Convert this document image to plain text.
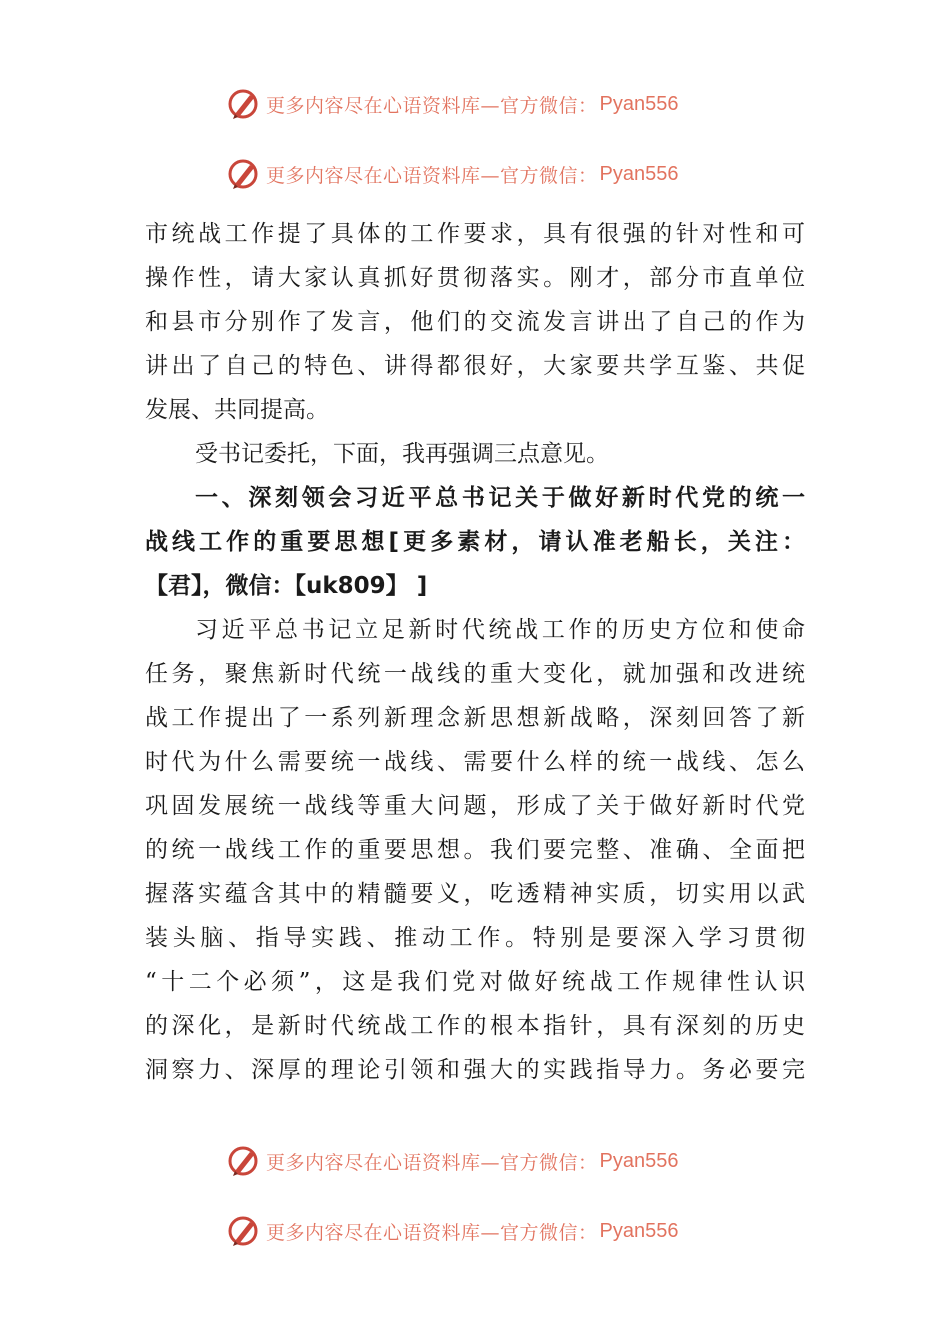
更多内容尽在心语资料库—官方微信： Pyan556
更多内容尽在心语资料库—官方微信： Pyan556
市统战工作提了具体的工作要求，具有很强的针对性和可
操作性，请大家认真抓好贯彻落实。刚才，部分市直单位
和县市分别作了发言，他们的交流发言讲出了自己的作为
讲出了自己的特色、讲得都很好，大家要共学互鉴、共促
发展、共同提高。
受书记委托，下面，我再强调三点意见。
一、深刻领会习近平总书记关于做好新时代党的统一
战线工作的重要思想[更多素材，请认准老船长，关注：
【君】，微信：【uk809】 ]
习近平总书记立足新时代统战工作的历史方位和使命
任务，聚焦新时代统一战线的重大变化，就加强和改进统
战工作提出了一系列新理念新思想新战略，深刻回答了新
时代为什么需要统一战线、需要什么样的统一战线、怎么
巩固发展统一战线等重大问题，形成了关于做好新时代党
的统一战线工作的重要思想。我们要完整、准确、全面把
握落实蕴含其中的精髓要义，吃透精神实质，切实用以武
装头脑、指导实践、推动工作。特别是要深入学习贯彻
“十二个必须”，这是我们党对做好统战工作规律性认识
的深化，是新时代统战工作的根本指针，具有深刻的历史
洞察力、深厚的理论引领和强大的实践指导力。务必要完
更多内容尽在心语资料库—官方微信： Pyan556
更多内容尽在心语资料库—官方微信： Pyan556
